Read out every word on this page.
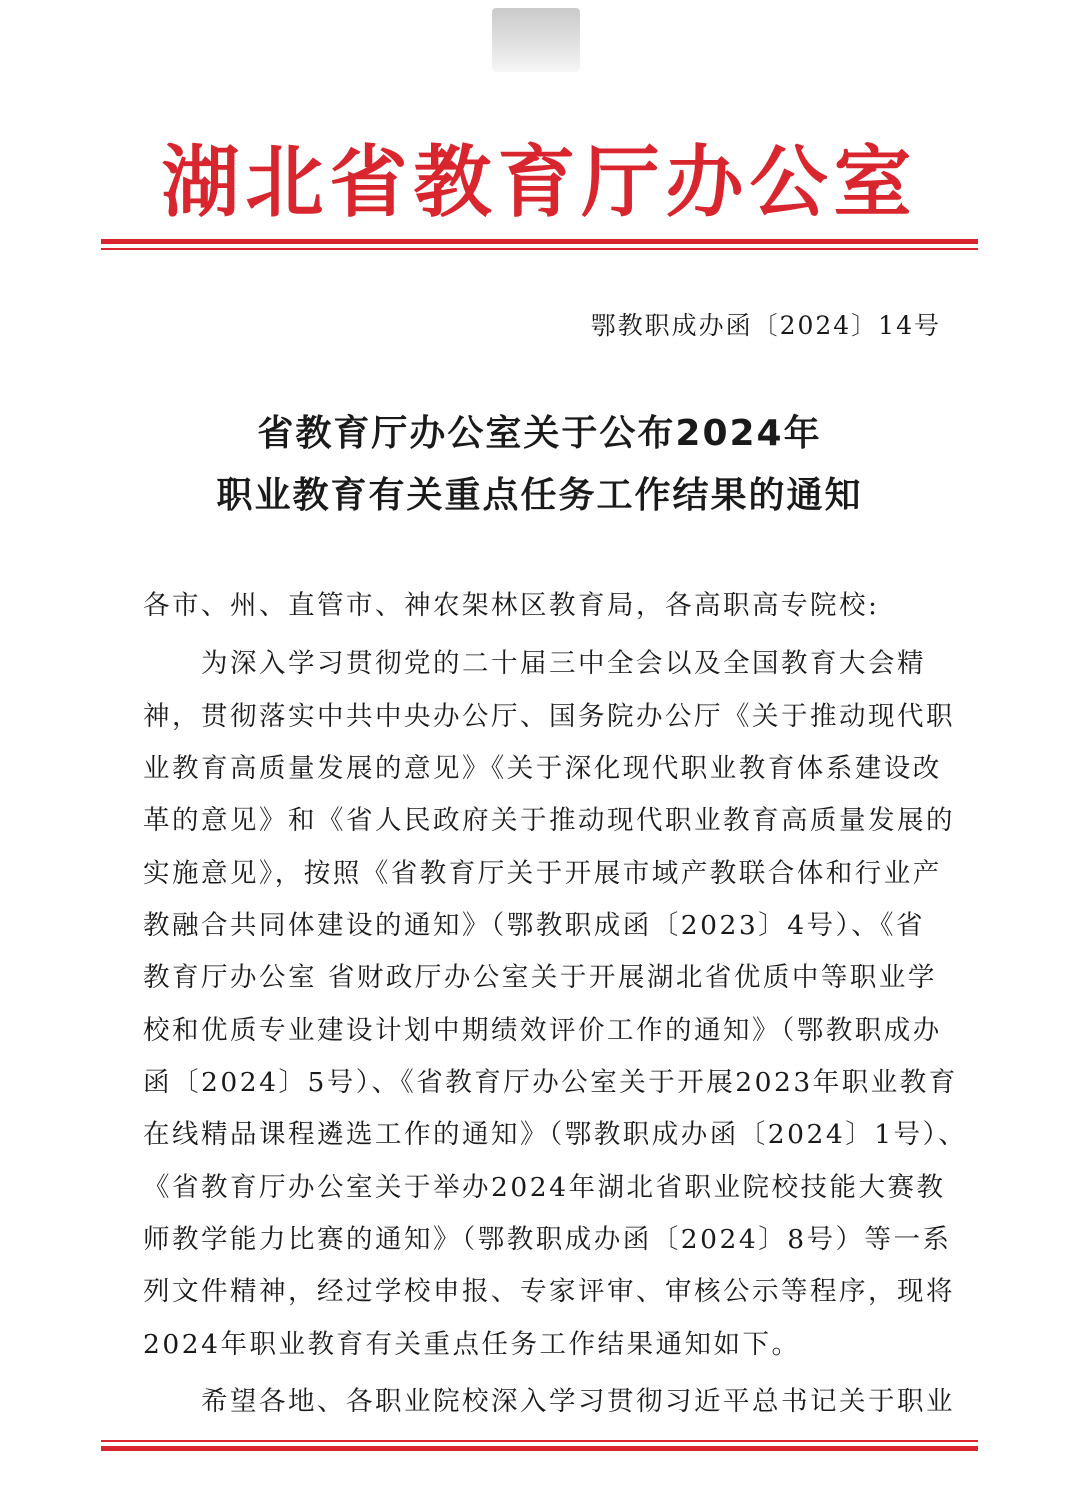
湖北省教育厅办公室
鄂教职成办函〔2024〕14号
省教育厅办公室关于公布2024年
职业教育有关重点任务工作结果的通知
各市、州、直管市、神农架林区教育局，各高职高专院校:
　　为深入学习贯彻党的二十届三中全会以及全国教育大会精
神，贯彻落实中共中央办公厅、国务院办公厅《关于推动现代职
业教育高质量发展的意见》《关于深化现代职业教育体系建设改
革的意见》和《省人民政府关于推动现代职业教育高质量发展的
实施意见》，按照《省教育厅关于开展市域产教联合体和行业产
教融合共同体建设的通知》（鄂教职成函〔2023〕4号）、《省
教育厅办公室 省财政厅办公室关于开展湖北省优质中等职业学
校和优质专业建设计划中期绩效评价工作的通知》（鄂教职成办
函〔2024〕5号）、《省教育厅办公室关于开展2023年职业教育
在线精品课程遴选工作的通知》（鄂教职成办函〔2024〕1号）、
《省教育厅办公室关于举办2024年湖北省职业院校技能大赛教
师教学能力比赛的通知》（鄂教职成办函〔2024〕8号）等一系
列文件精神，经过学校申报、专家评审、审核公示等程序，现将
2024年职业教育有关重点任务工作结果通知如下。
　　希望各地、各职业院校深入学习贯彻习近平总书记关于职业
